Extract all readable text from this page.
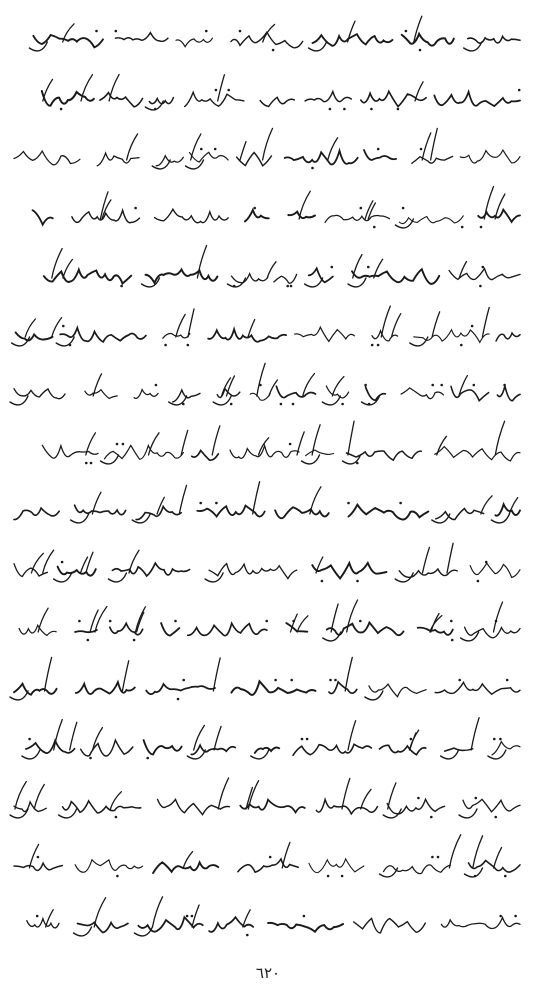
٦٢٠
